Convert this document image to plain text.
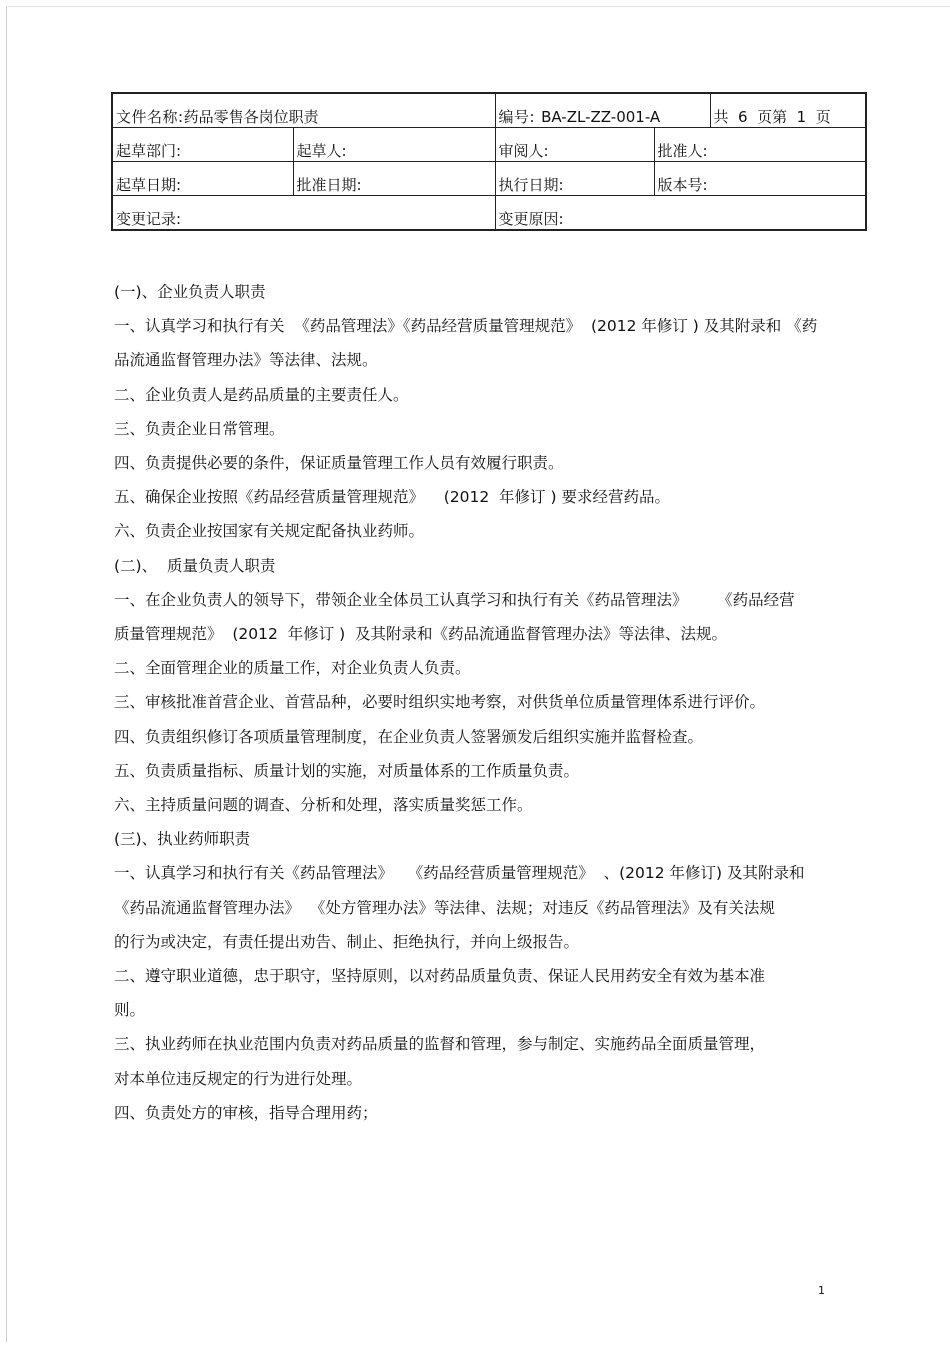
文件名称:药品零售各岗位职责		编号: BA-ZL-ZZ-001-A		共  6  页第  1  页
起草部门:	起草人:	审阅人:	批准人:	
起草日期:	批准日期:	执行日期:	版本号:	
变更记录:		变更原因:		

(一)、企业负责人职责

一、认真学习和执行有关  《药品管理法》《药品经营质量管理规范》  (2012 年修订 ) 及其附录和 《药

品流通监督管理办法》等法律、法规。

二、企业负责人是药品质量的主要责任人。

三、负责企业日常管理。

四、负责提供必要的条件，保证质量管理工作人员有效履行职责。

五、确保企业按照《药品经营质量管理规范》    (2012  年修订 ) 要求经营药品。

六、负责企业按国家有关规定配备执业药师。

(二)、  质量负责人职责

一、在企业负责人的领导下，带领企业全体员工认真学习和执行有关《药品管理法》      《药品经营

质量管理规范》  (2012  年修订 )  及其附录和《药品流通监督管理办法》等法律、法规。

二、全面管理企业的质量工作，对企业负责人负责。

三、审核批准首营企业、首营品种，必要时组织实地考察，对供货单位质量管理体系进行评价。

四、负责组织修订各项质量管理制度，在企业负责人签署颁发后组织实施并监督检查。

五、负责质量指标、质量计划的实施，对质量体系的工作质量负责。

六、主持质量问题的调查、分析和处理，落实质量奖惩工作。

(三)、执业药师职责

一、认真学习和执行有关《药品管理法》   《药品经营质量管理规范》  、(2012 年修订) 及其附录和

《药品流通监督管理办法》  《处方管理办法》等法律、法规；对违反《药品管理法》及有关法规

的行为或决定，有责任提出劝告、制止、拒绝执行，并向上级报告。

二、遵守职业道德，忠于职守，坚持原则，以对药品质量负责、保证人民用药安全有效为基本准

则。

三、执业药师在执业范围内负责对药品质量的监督和管理，参与制定、实施药品全面质量管理，

对本单位违反规定的行为进行处理。

四、负责处方的审核，指导合理用药；

1
